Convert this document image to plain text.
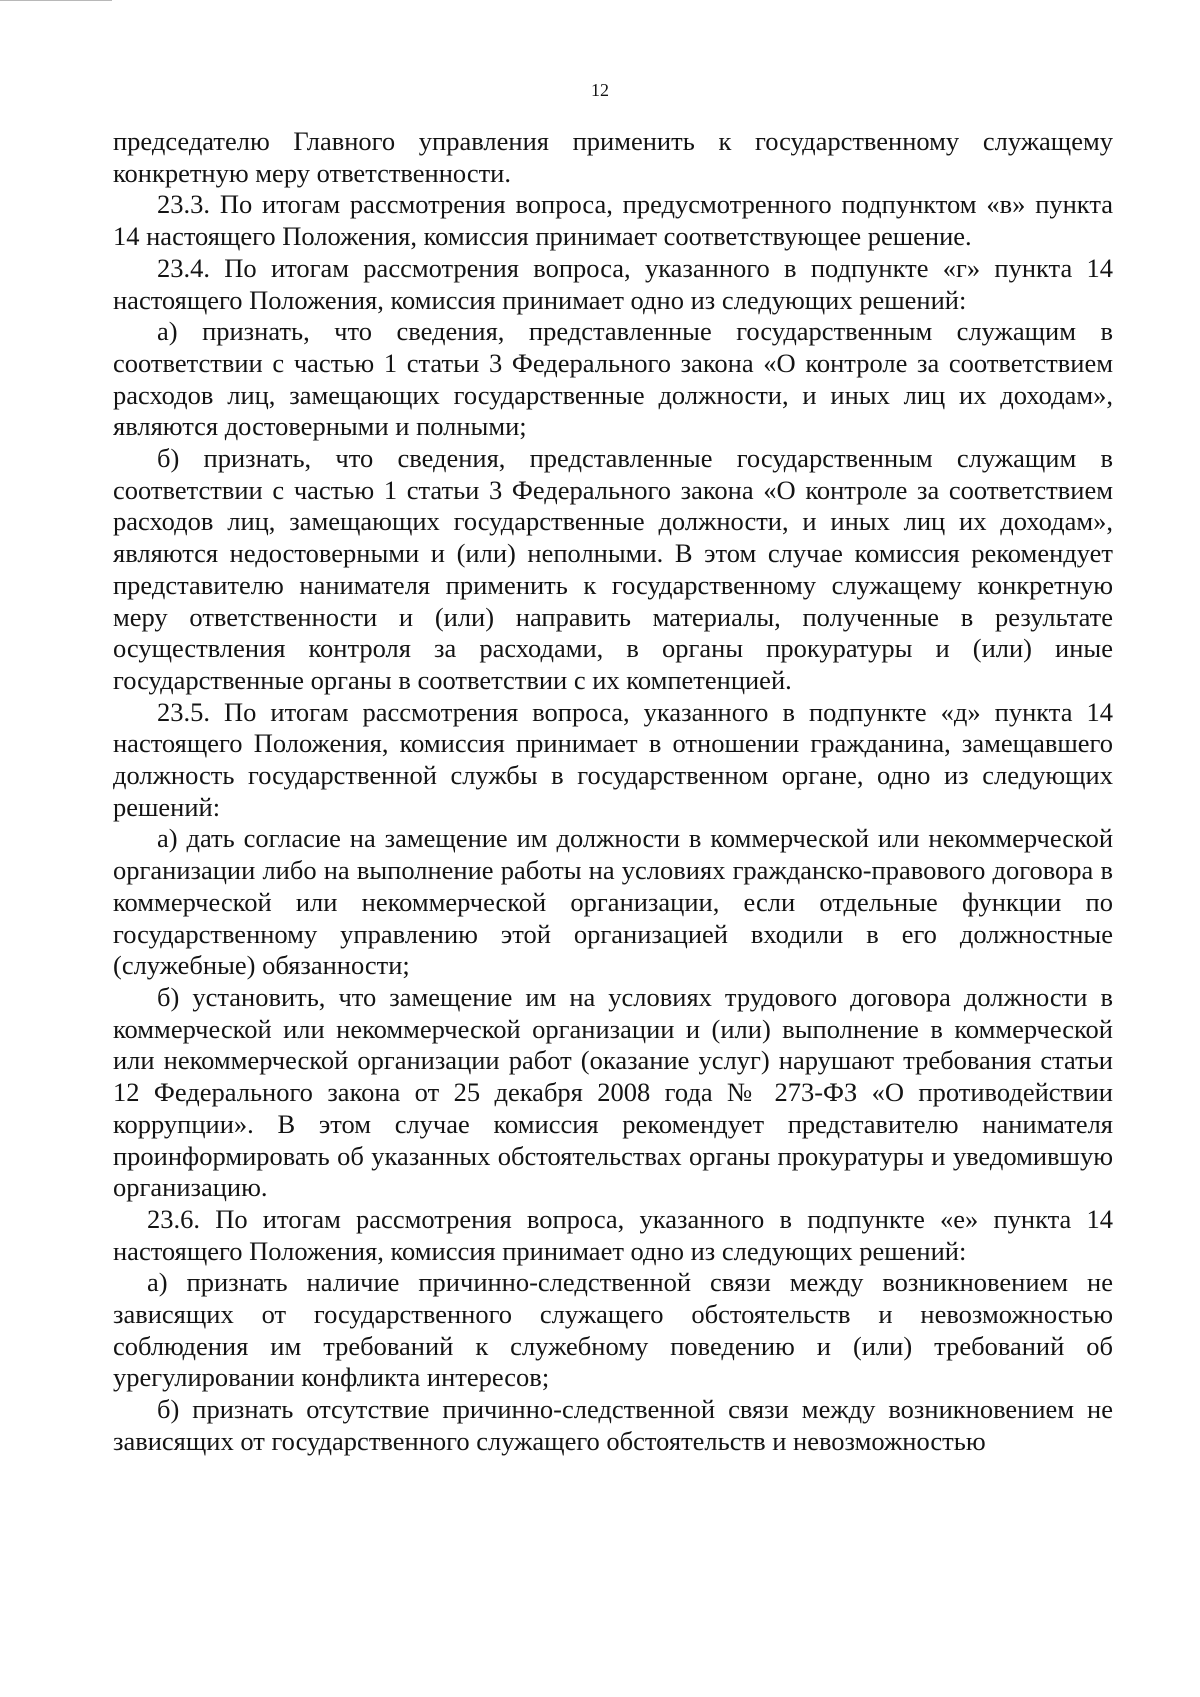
12

председателю Главного управления применить к государственному служащему конкретную меру ответственности.

23.3. По итогам рассмотрения вопроса, предусмотренного подпунктом «в» пункта 14 настоящего Положения, комиссия принимает соответствующее решение.

23.4. По итогам рассмотрения вопроса, указанного в подпункте «г» пункта 14 настоящего Положения, комиссия принимает одно из следующих решений:

а) признать, что сведения, представленные государственным служащим в соответствии с частью 1 статьи 3 Федерального закона «О контроле за соответствием расходов лиц, замещающих государственные должности, и иных лиц их доходам», являются достоверными и полными;

б) признать, что сведения, представленные государственным служащим в соответствии с частью 1 статьи 3 Федерального закона «О контроле за соответствием расходов лиц, замещающих государственные должности, и иных лиц их доходам», являются недостоверными и (или) неполными. В этом случае комиссия рекомендует представителю нанимателя применить к государственному служащему конкретную меру ответственности и (или) направить материалы, полученные в результате осуществления контроля за расходами, в органы прокуратуры и (или) иные государственные органы в соответствии с их компетенцией.

23.5. По итогам рассмотрения вопроса, указанного в подпункте «д» пункта 14 настоящего Положения, комиссия принимает в отношении гражданина, замещавшего должность государственной службы в государственном органе, одно из следующих решений:

а) дать согласие на замещение им должности в коммерческой или некоммерческой организации либо на выполнение работы на условиях гражданско-правового договора в коммерческой или некоммерческой организации, если отдельные функции по государственному управлению этой организацией входили в его должностные (служебные) обязанности;

б) установить, что замещение им на условиях трудового договора должности в коммерческой или некоммерческой организации и (или) выполнение в коммерческой или некоммерческой организации работ (оказание услуг) нарушают требования статьи 12 Федерального закона от 25 декабря 2008 года № 273-ФЗ «О противодействии коррупции». В этом случае комиссия рекомендует представителю нанимателя проинформировать об указанных обстоятельствах органы прокуратуры и уведомившую организацию.

23.6. По итогам рассмотрения вопроса, указанного в подпункте «е» пункта 14 настоящего Положения, комиссия принимает одно из следующих решений:

а) признать наличие причинно-следственной связи между возникновением не зависящих от государственного служащего обстоятельств и невозможностью соблюдения им требований к служебному поведению и (или) требований об урегулировании конфликта интересов;

б) признать отсутствие причинно-следственной связи между возникновением не зависящих от государственного служащего обстоятельств и невозможностью
